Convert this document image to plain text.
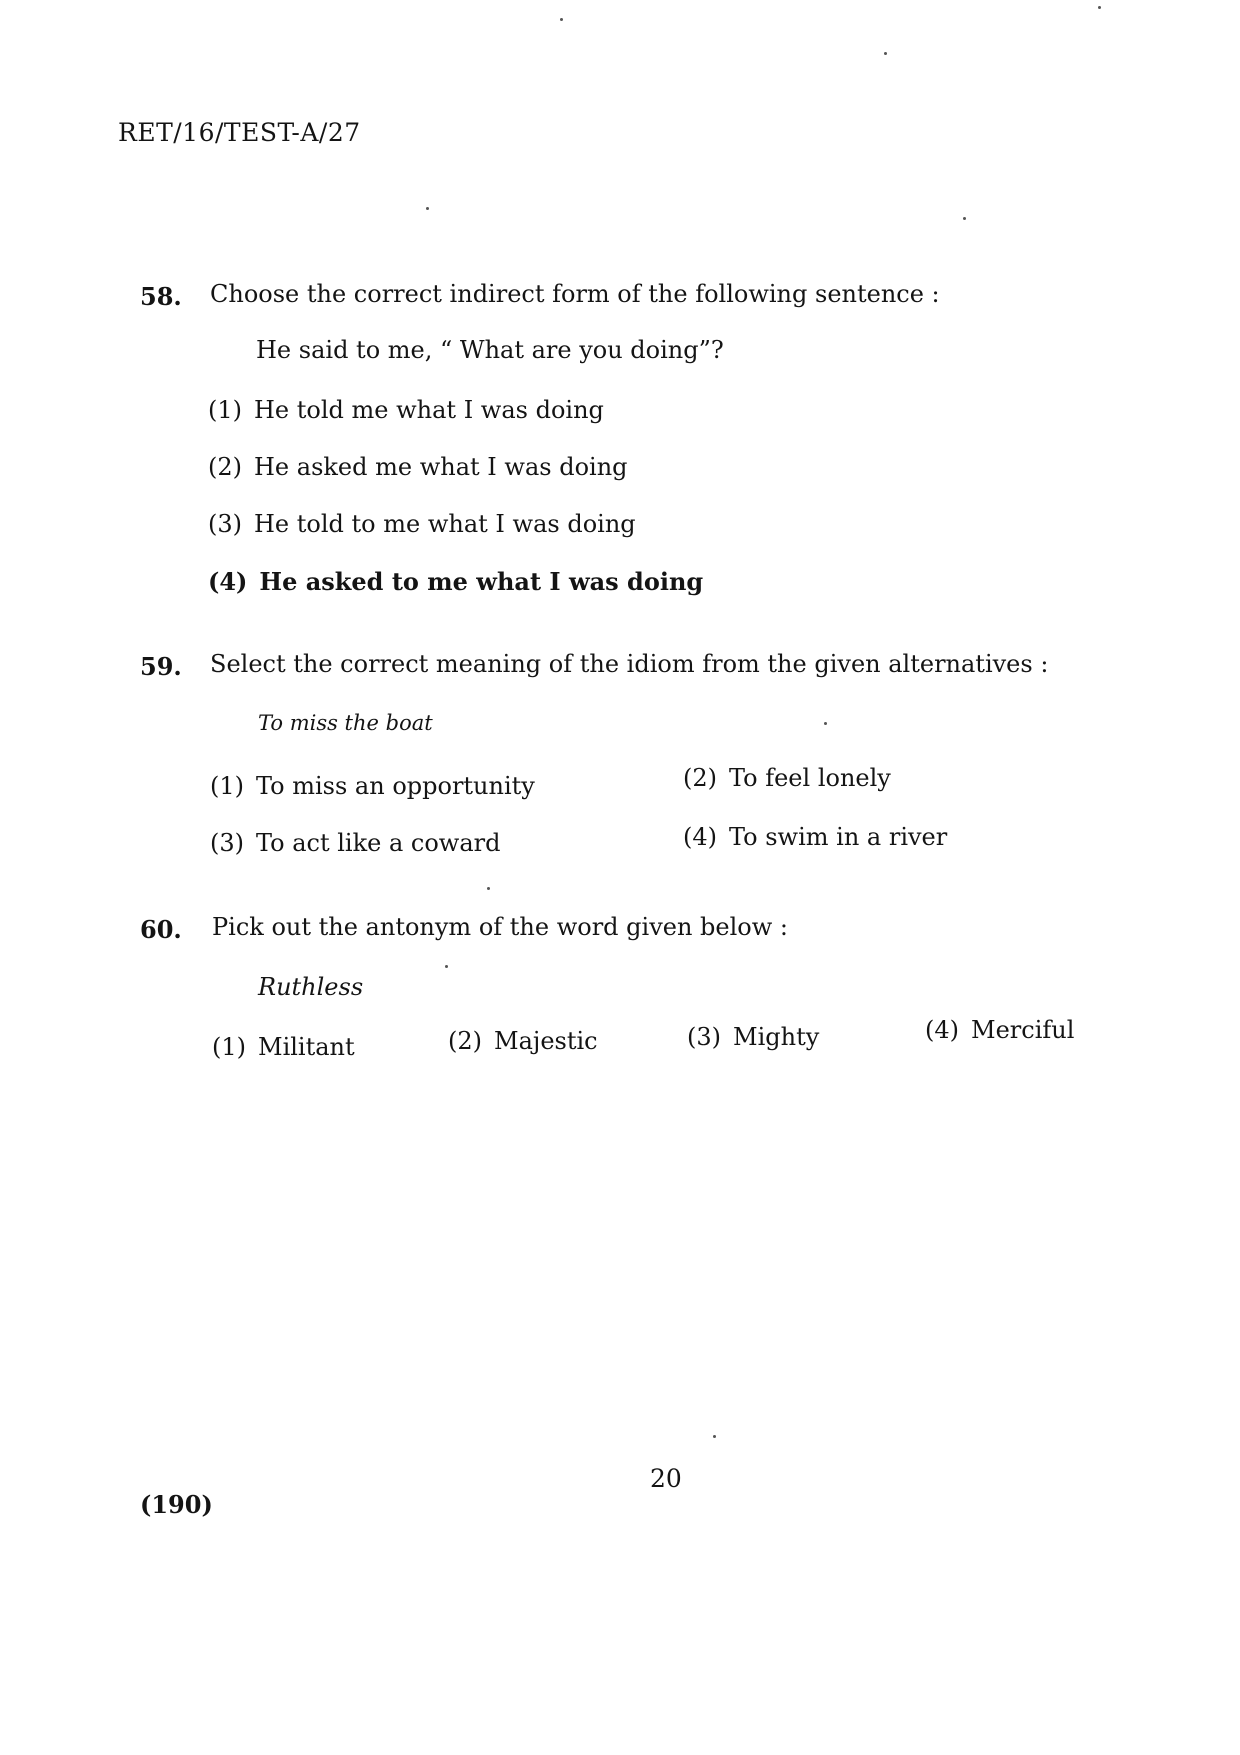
RET/16/TEST-A/27
58. Choose the correct indirect form of the following sentence :
He said to me, “ What are you doing”?
(1) He told me what I was doing
(2) He asked me what I was doing
(3) He told to me what I was doing
(4) He asked to me what I was doing
59. Select the correct meaning of the idiom from the given alternatives :
To miss the boat
(1) To miss an opportunity	(2) To feel lonely
(3) To act like a coward	(4) To swim in a river
60. Pick out the antonym of the word given below :
Ruthless
(1) Militant	(2) Majestic	(3) Mighty	(4) Merciful
20
(190)
